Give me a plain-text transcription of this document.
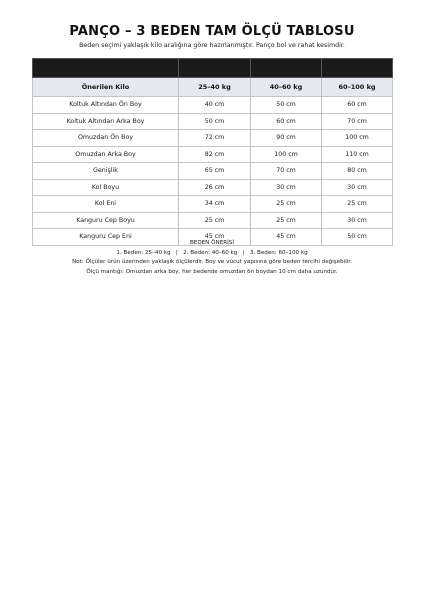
PANÇO – 3 BEDEN TAM ÖLÇÜ TABLOSU
Beden seçimi yaklaşık kilo aralığına göre hazırlanmıştır. Panço bol ve rahat kesimdir.
ÖLÇÜ	1. BEDEN	2. BEDEN	3. BEDEN
Önerilen Kilo	25–40 kg	40–60 kg	60–100 kg
Koltuk Altından Ön Boy	40 cm	50 cm	60 cm
Koltuk Altından Arka Boy	50 cm	60 cm	70 cm
Omuzdan Ön Boy	72 cm	90 cm	100 cm
Omuzdan Arka Boy	82 cm	100 cm	110 cm
Genişlik	65 cm	70 cm	80 cm
Kol Boyu	26 cm	30 cm	30 cm
Kol Eni	34 cm	25 cm	25 cm
Kanguru Cep Boyu	25 cm	25 cm	30 cm
Kanguru Cep Eni	45 cm	45 cm	50 cm
BEDEN ÖNERİSİ
1. Beden: 25–40 kg   |   2. Beden: 40–60 kg   |   3. Beden: 60–100 kg
Not: Ölçüler ürün üzerinden yaklaşık ölçülerdir. Boy ve vücut yapısına göre beden tercihi değişebilir.
Ölçü mantığı: Omuzdan arka boy, her bedende omuzdan ön boydan 10 cm daha uzundur.
